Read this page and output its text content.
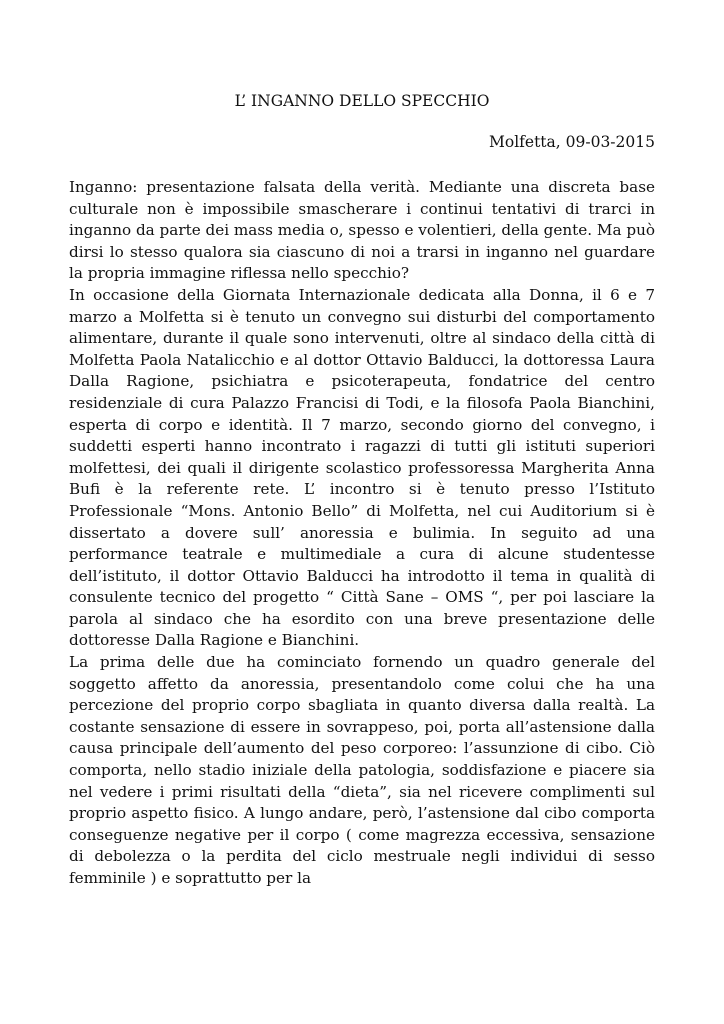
L’ INGANNO DELLO SPECCHIO
Molfetta, 09-03-2015

Inganno: presentazione falsata della verità. Mediante una discreta base culturale non è impossibile smascherare i continui tentativi di trarci in inganno da parte dei mass media o, spesso e volentieri, della gente. Ma può dirsi lo stesso qualora sia ciascuno di noi a trarsi in inganno nel guardare la propria immagine riflessa nello specchio?

In occasione della Giornata Internazionale dedicata alla Donna, il 6 e 7 marzo a Molfetta si è tenuto un convegno sui disturbi del comportamento alimentare, durante il quale sono intervenuti, oltre al sindaco della città di Molfetta Paola Natalicchio e al dottor Ottavio Balducci, la dottoressa Laura Dalla Ragione, psichiatra e psicoterapeuta, fondatrice del centro residenziale di cura Palazzo Francisi di Todi, e la filosofa Paola Bianchini, esperta di corpo e identità. Il 7 marzo, secondo giorno del convegno, i suddetti esperti hanno incontrato i ragazzi di tutti gli istituti superiori molfettesi, dei quali il dirigente scolastico professoressa Margherita Anna Bufi è la referente rete. L’ incontro si è tenuto presso l’Istituto Professionale “Mons. Antonio Bello” di Molfetta, nel cui Auditorium si è dissertato a dovere sull’ anoressia e bulimia. In seguito ad una performance teatrale e multimediale a cura di alcune studentesse dell’istituto, il dottor Ottavio Balducci ha introdotto il tema in qualità di consulente tecnico del progetto “ Città Sane – OMS “, per poi lasciare la parola al sindaco che ha esordito con una breve presentazione delle dottoresse Dalla Ragione e Bianchini.

La prima delle due ha cominciato fornendo un quadro generale del soggetto affetto da anoressia, presentandolo come colui che ha una percezione del proprio corpo sbagliata in quanto diversa dalla realtà. La costante sensazione di essere in sovrappeso, poi, porta all’astensione dalla causa principale dell’aumento del peso corporeo: l’assunzione di cibo. Ciò comporta, nello stadio iniziale della patologia, soddisfazione e piacere sia nel vedere i primi risultati della “dieta”, sia nel ricevere complimenti sul proprio aspetto fisico. A lungo andare, però, l’astensione dal cibo comporta conseguenze negative per il corpo ( come magrezza eccessiva, sensazione di debolezza o la perdita del ciclo mestruale negli individui di sesso femminile ) e soprattutto per la
